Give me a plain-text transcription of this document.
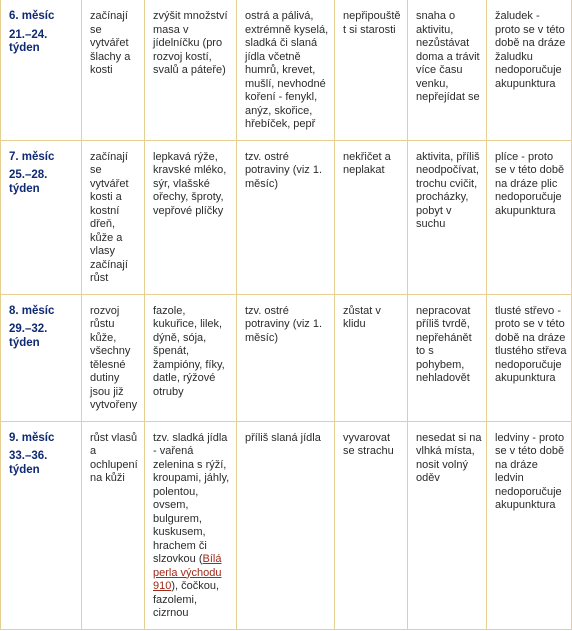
6. měsíc
21.–24. týden	začínají se vytvářet šlachy a kosti	zvýšit množství masa v jídelníčku (pro rozvoj kostí, svalů a páteře)	ostrá a pálivá, extrémně kyselá, sladká či slaná jídla včetně humrů, krevet, mušlí, nevhodné koření - fenykl, anýz, skořice, hřebíček, pepř	nepřipouštět si starosti	snaha o aktivitu, nezůstávat doma a trávit více času venku, nepřejídat se	žaludek - proto se v této době na dráze žaludku nedoporučuje akupunktura

7. měsíc
25.–28. týden	začínají se vytvářet kosti a kostní dřeň, kůže a vlasy začínají růst	lepkavá rýže, kravské mléko, sýr, vlašské ořechy, šproty, vepřové plíčky	tzv. ostré potraviny (viz 1. měsíc)	nekřičet a neplakat	aktivita, příliš neodpočívat, trochu cvičit, procházky, pobyt v suchu	plíce - proto se v této době na dráze plic nedoporučuje akupunktura

8. měsíc
29.–32. týden	rozvoj růstu kůže, všechny tělesné dutiny jsou již vytvořeny	fazole, kukuřice, lilek, dýně, sója, špenát, žampióny, fíky, datle, rýžové otruby	tzv. ostré potraviny (viz 1. měsíc)	zůstat v klidu	nepracovat příliš tvrdě, nepřehánět to s pohybem, nehladovět	tlusté střevo - proto se v této době na dráze tlustého střeva nedoporučuje akupunktura

9. měsíc
33.–36. týden	růst vlasů a ochlupení na kůži	tzv. sladká jídla - vařená zelenina s rýží, kroupami, jáhly, polentou, ovsem, bulgurem, kuskusem, hrachem či slzovkou (Bílá perla východu 910), čočkou, fazolemi, cizrnou	příliš slaná jídla	vyvarovat se strachu	nesedat si na vlhká místa, nosit volný oděv	ledviny - proto se v této době na dráze ledvin nedoporučuje akupunktura
